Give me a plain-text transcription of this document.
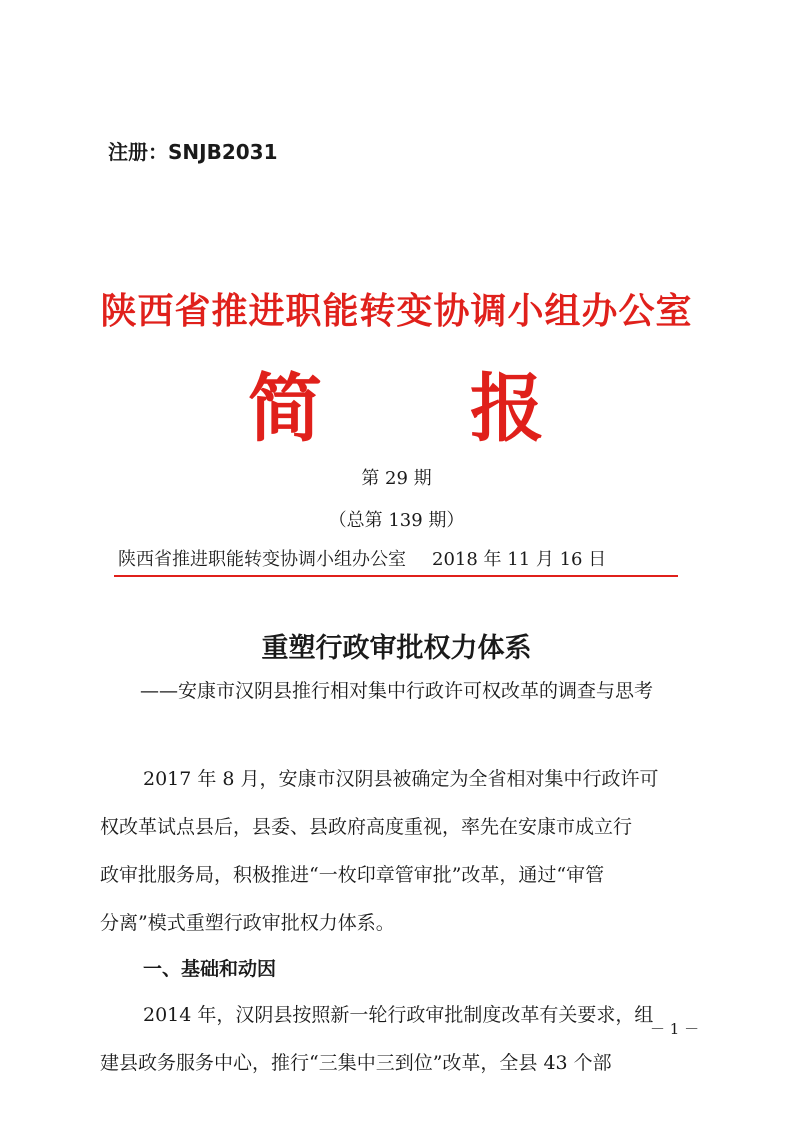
注册：SNJB2031
陕西省推进职能转变协调小组办公室
简 报
第 29 期
（总第 139 期）
陕西省推进职能转变协调小组办公室 2018 年 11 月 16 日
重塑行政审批权力体系
——安康市汉阴县推行相对集中行政许可权改革的调查与思考
2017 年 8 月，安康市汉阴县被确定为全省相对集中行政许可
权改革试点县后，县委、县政府高度重视，率先在安康市成立行
政审批服务局，积极推进“一枚印章管审批”改革，通过“审管
分离”模式重塑行政审批权力体系。
一、基础和动因
2014 年，汉阴县按照新一轮行政审批制度改革有关要求，组
建县政务服务中心，推行“三集中三到位”改革，全县 43 个部
－ 1 －
